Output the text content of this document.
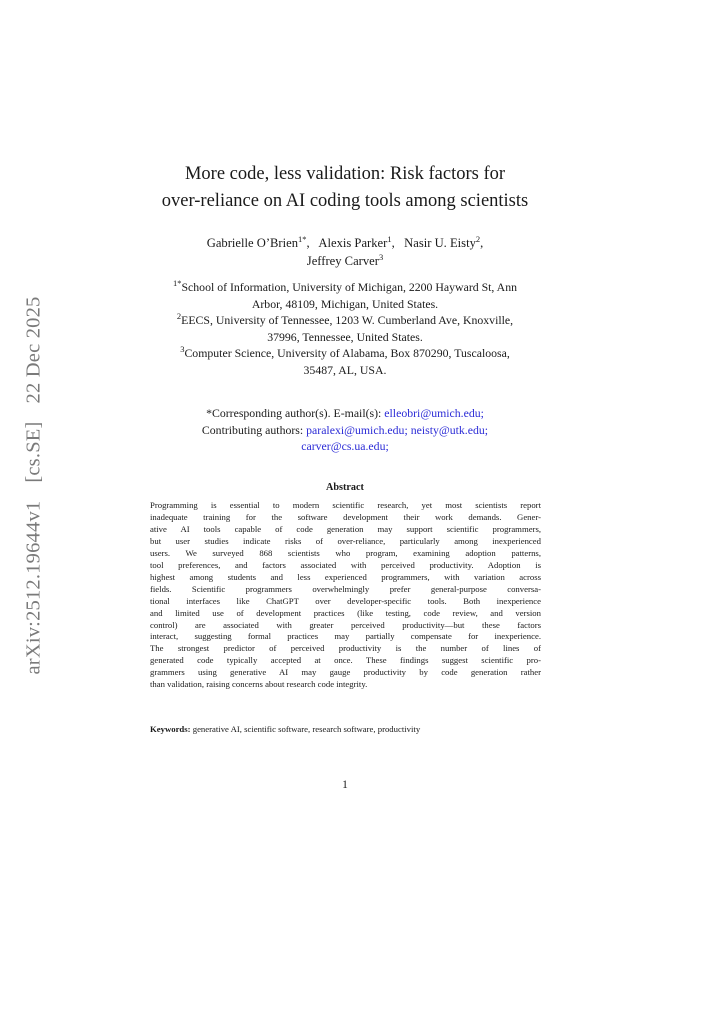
arXiv:2512.19644v1[cs.SE]22 Dec 2025
More code, less validation: Risk factors for
over-reliance on AI coding tools among scientists
Gabrielle O’Brien$^{1*}$,   Alexis Parker$^1$,   Nasir U. Eisty$^2$,
Jeffrey Carver$^3$
$^{1*}$School of Information, University of Michigan, 2200 Hayward St, Ann
Arbor, 48109, Michigan, United States.
$^2$EECS, University of Tennessee, 1203 W. Cumberland Ave, Knoxville,
37996, Tennessee, United States.
$^3$Computer Science, University of Alabama, Box 870290, Tuscaloosa,
35487, AL, USA.
*Corresponding author(s). E-mail(s): elleobri@umich.edu;
Contributing authors: paralexi@umich.edu; neisty@utk.edu;
carver@cs.ua.edu;
Abstract
Programming is essential to modern scientific research, yet most scientists report
inadequate training for the software development their work demands. Gener-
ative AI tools capable of code generation may support scientific programmers,
but user studies indicate risks of over-reliance, particularly among inexperienced
users. We surveyed 868 scientists who program, examining adoption patterns,
tool preferences, and factors associated with perceived productivity. Adoption is
highest among students and less experienced programmers, with variation across
fields. Scientific programmers overwhelmingly prefer general-purpose conversa-
tional interfaces like ChatGPT over developer-specific tools. Both inexperience
and limited use of development practices (like testing, code review, and version
control) are associated with greater perceived productivity—but these factors
interact, suggesting formal practices may partially compensate for inexperience.
The strongest predictor of perceived productivity is the number of lines of
generated code typically accepted at once. These findings suggest scientific pro-
grammers using generative AI may gauge productivity by code generation rather
than validation, raising concerns about research code integrity.
Keywords: generative AI, scientific software, research software, productivity
1
